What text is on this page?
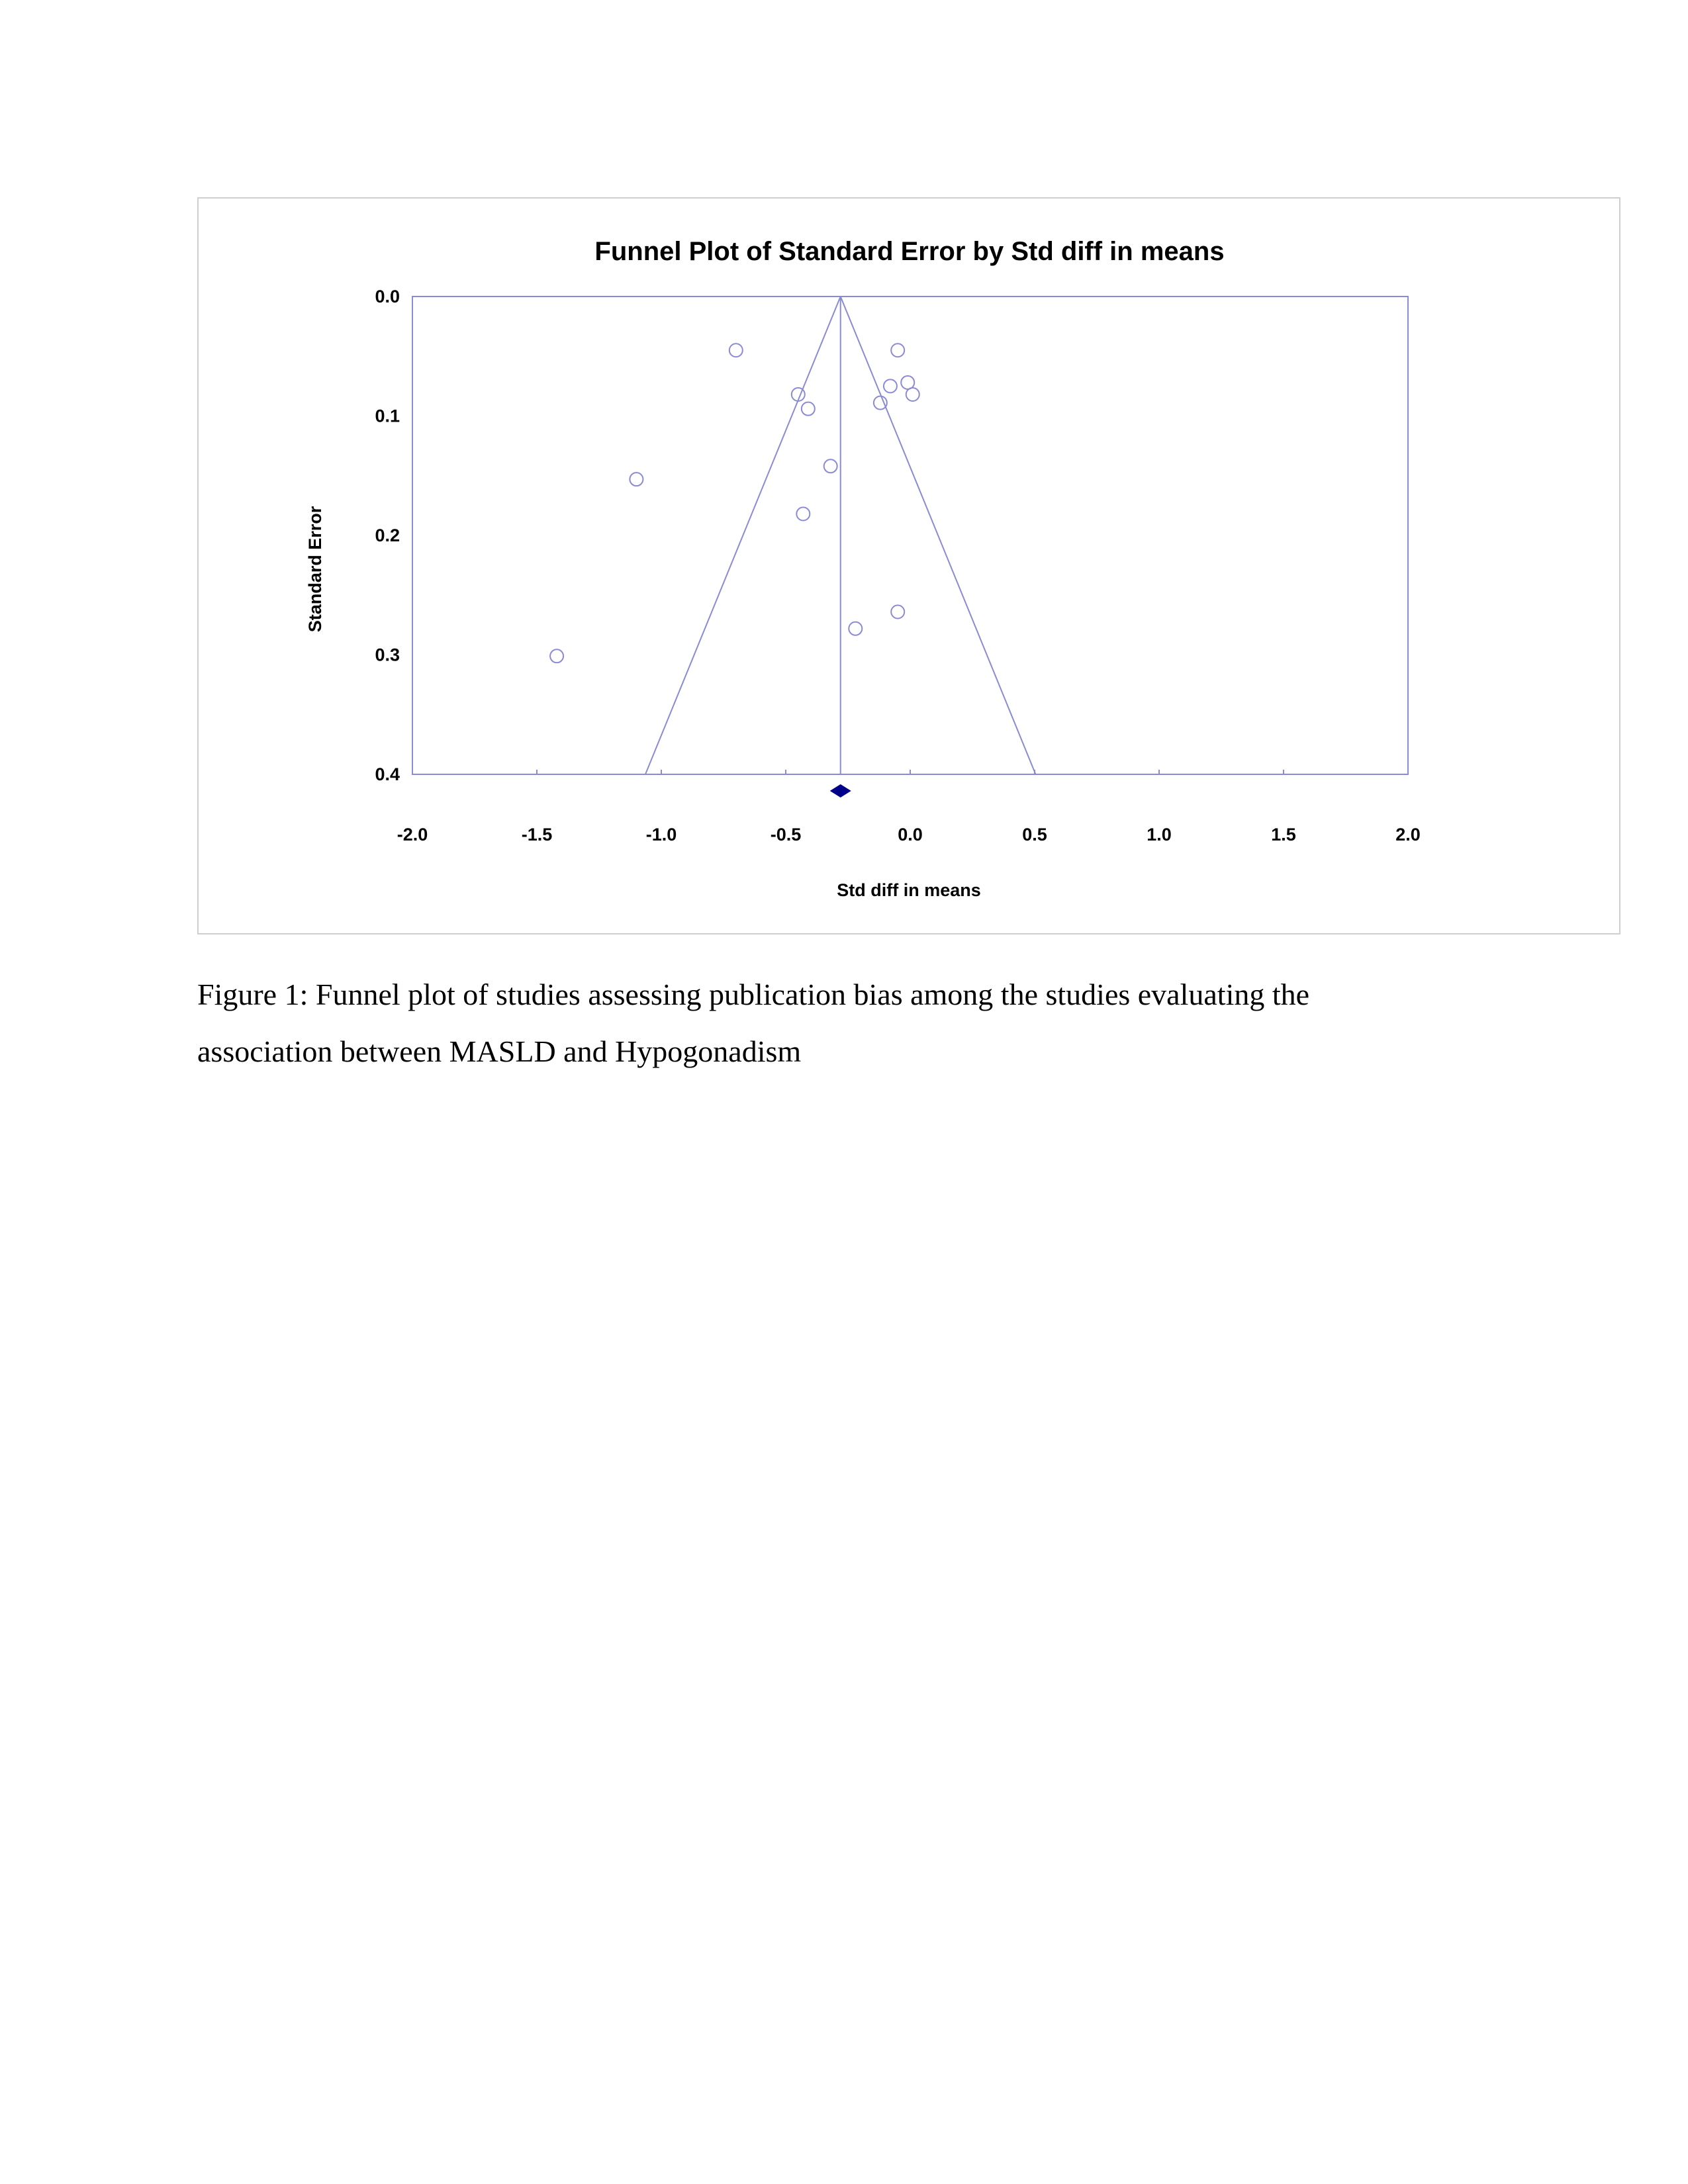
Funnel Plot of Standard Error by Std diff in means
Std diff in means
Standard Error
-2.0	-1.5	-1.0	-0.5	0.0	0.5	1.0	1.5	2.0
0.0
0.1
0.2
0.3
0.4

Figure 1: Funnel plot of studies assessing publication bias among the studies evaluating the
association between MASLD and Hypogonadism
